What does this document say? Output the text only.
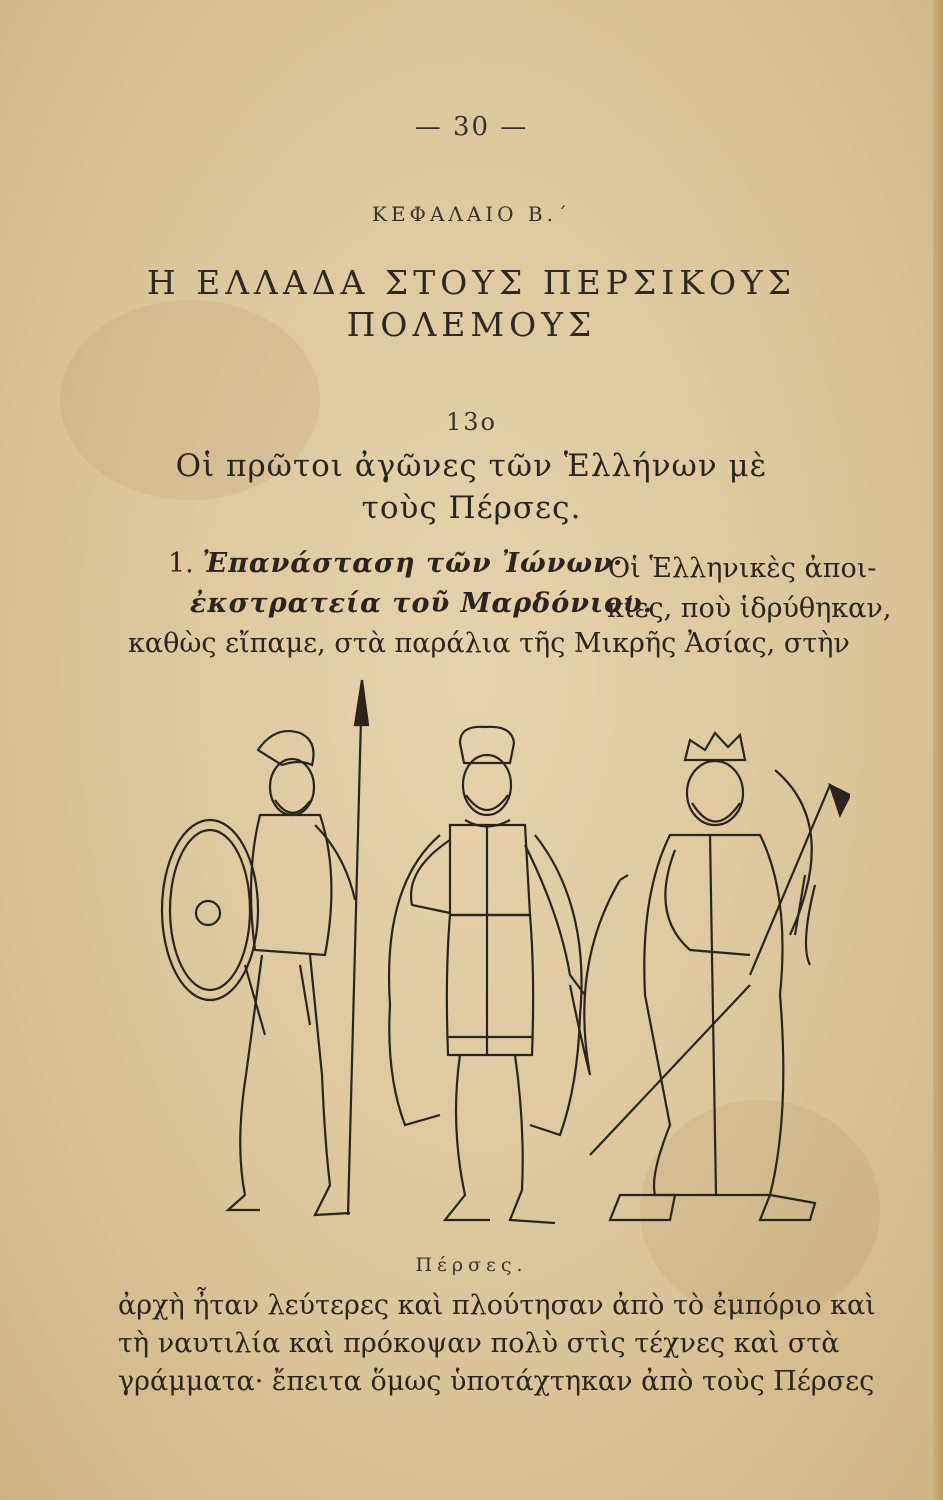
— 30 —
ΚΕΦΑΛΑΙΟ Β.΄
Η ΕΛΛΑΔΑ ΣΤΟΥΣ ΠΕΡΣΙΚΟΥΣ
ΠΟΛΕΜΟΥΣ
13ο
Οἱ πρῶτοι ἀγῶνες τῶν Ἑλλήνων μὲ
τοὺς Πέρσες.
1. Ἐπανάσταση τῶν Ἰώνων·
Οἱ Ἑλληνικὲς ἀποι-
ἐκστρατεία τοῦ Μαρδόνιου.
κίες, ποὺ ἱδρύθηκαν,
καθὼς εἴπαμε, στὰ παράλια τῆς Μικρῆς Ἀσίας, στὴν
Πέρσες.
ἀρχὴ ἦταν λεύτερες καὶ πλούτησαν ἀπὸ τὸ ἐμπόριο καὶ
τὴ ναυτιλία καὶ πρόκοψαν πολὺ στὶς τέχνες καὶ στὰ
γράμματα· ἔπειτα ὅμως ὑποτάχτηκαν ἀπὸ τοὺς Πέρσες
